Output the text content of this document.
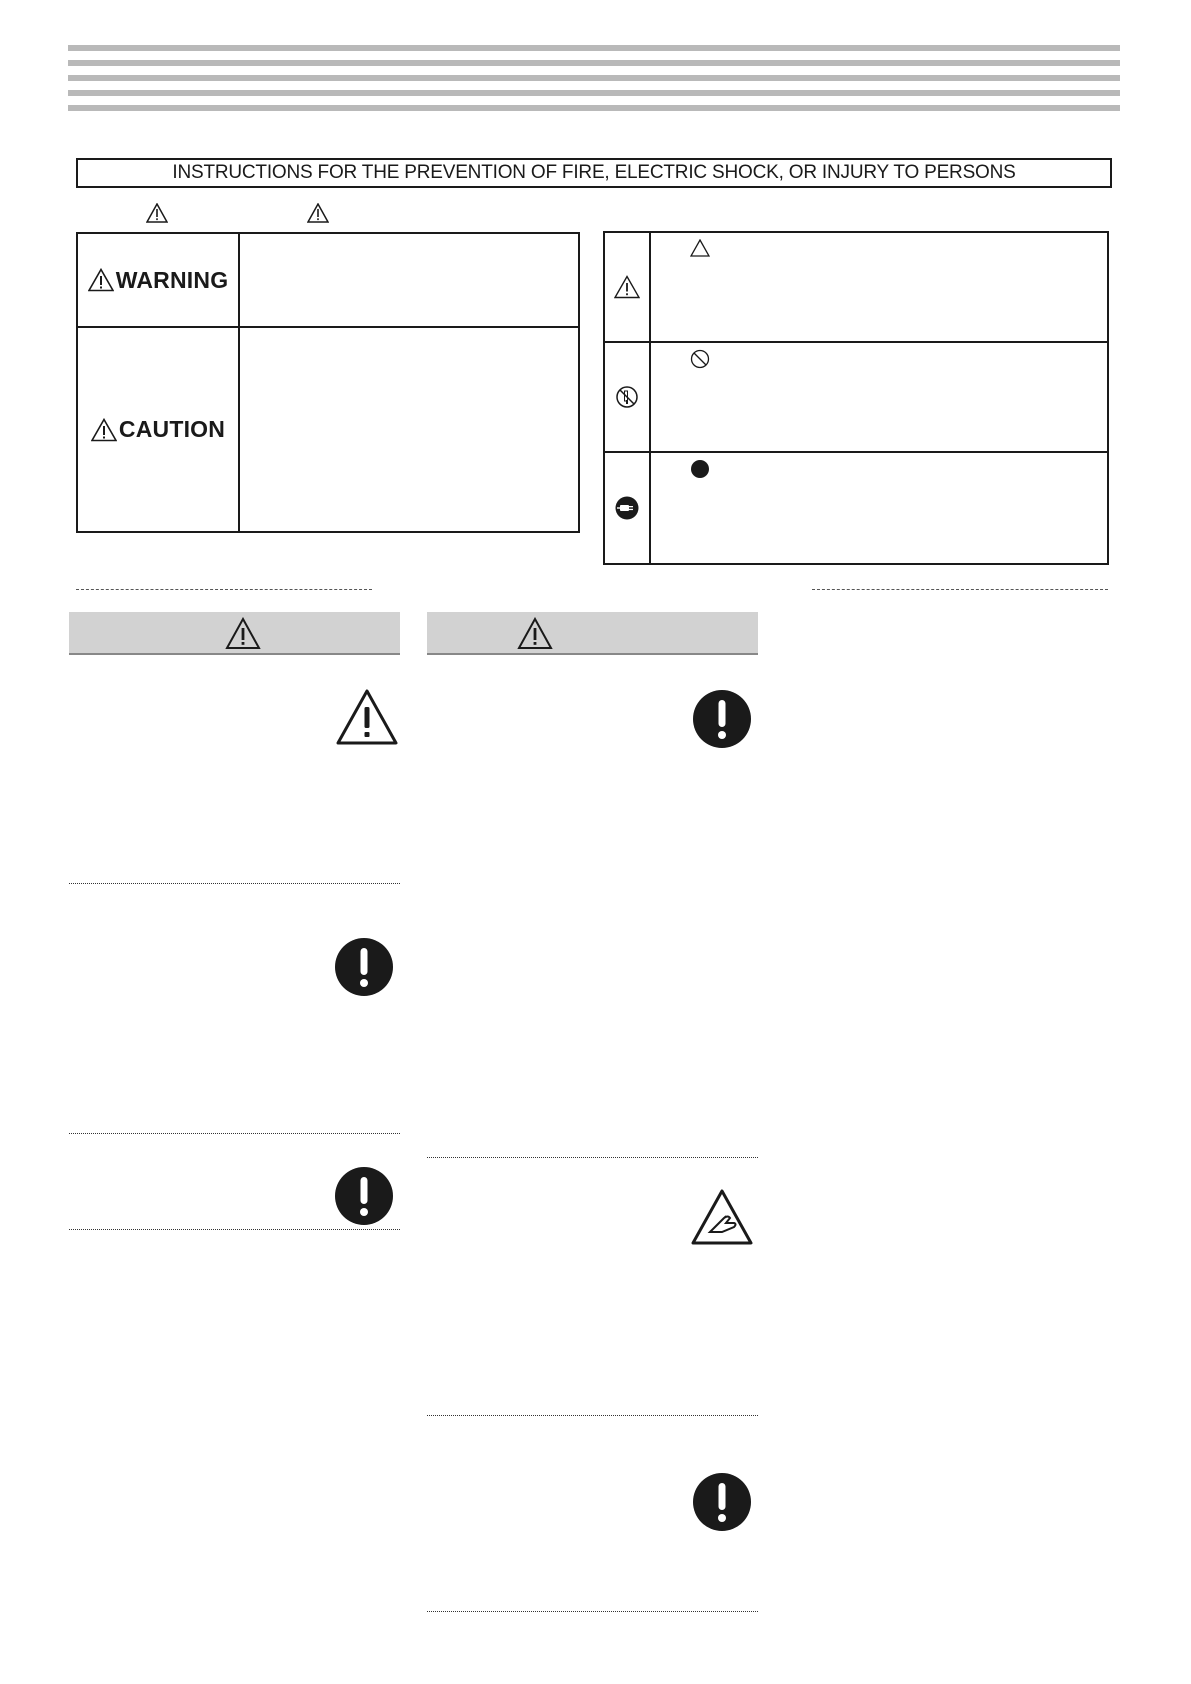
INSTRUCTIONS FOR THE PREVENTION OF FIRE, ELECTRIC SHOCK, OR INJURY TO PERSONS
WARNING
CAUTION
